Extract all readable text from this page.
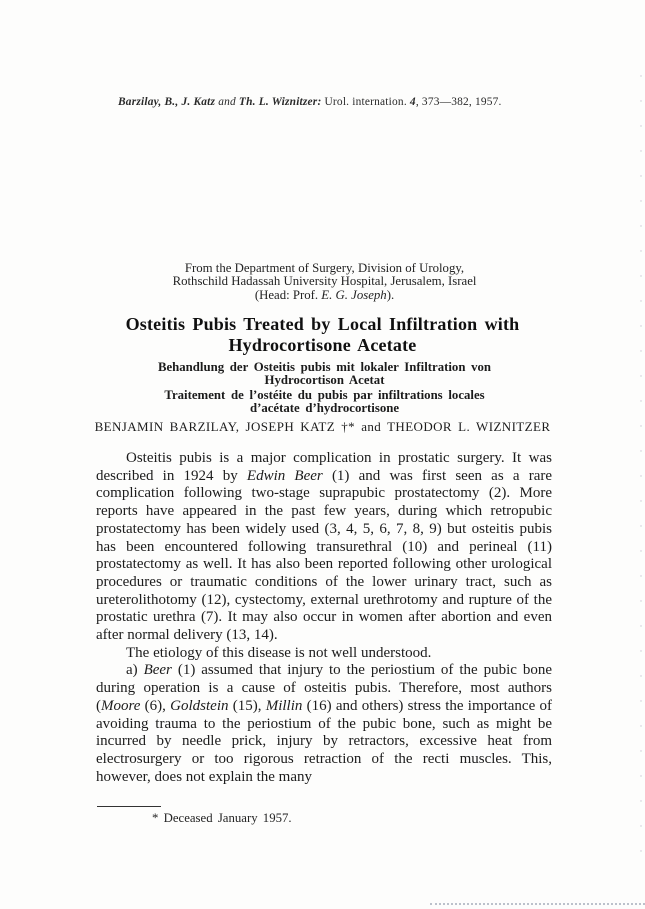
Barzilay, B., J. Katz and Th. L. Wiznitzer: Urol. internation. 4, 373—382, 1957.
From the Department of Surgery, Division of Urology,
Rothschild Hadassah University Hospital, Jerusalem, Israel
(Head: Prof. E. G. Joseph).
Osteitis Pubis Treated by Local Infiltration with
Hydrocortisone Acetate
Behandlung der Osteitis pubis mit lokaler Infiltration von
Hydrocortison Acetat
Traitement de l’ostéite du pubis par infiltrations locales
d’acétate d’hydrocortisone
BENJAMIN BARZILAY, JOSEPH KATZ †* and THEODOR L. WIZNITZER

Osteitis pubis is a major complication in prostatic surgery. It was described in 1924 by Edwin Beer (1) and was first seen as a rare complication following two-stage suprapubic prostatectomy (2). More reports have appeared in the past few years, during which retropubic prostatectomy has been widely used (3, 4, 5, 6, 7, 8, 9) but osteitis pubis has been encountered following transurethral (10) and perineal (11) prostatectomy as well. It has also been reported following other urological procedures or traumatic conditions of the lower urinary tract, such as ureterolithotomy (12), cystectomy, external urethrotomy and rupture of the prostatic urethra (7). It may also occur in women after abortion and even after normal delivery (13, 14).

The etiology of this disease is not well understood.

a) Beer (1) assumed that injury to the periostium of the pubic bone during operation is a cause of osteitis pubis. Therefore, most authors (Moore (6), Goldstein (15), Millin (16) and others) stress the importance of avoiding trauma to the periostium of the pubic bone, such as might be incurred by needle prick, injury by retractors, excessive heat from electrosurgery or too rigorous retraction of the recti muscles. This, however, does not explain the many

* Deceased January 1957.
